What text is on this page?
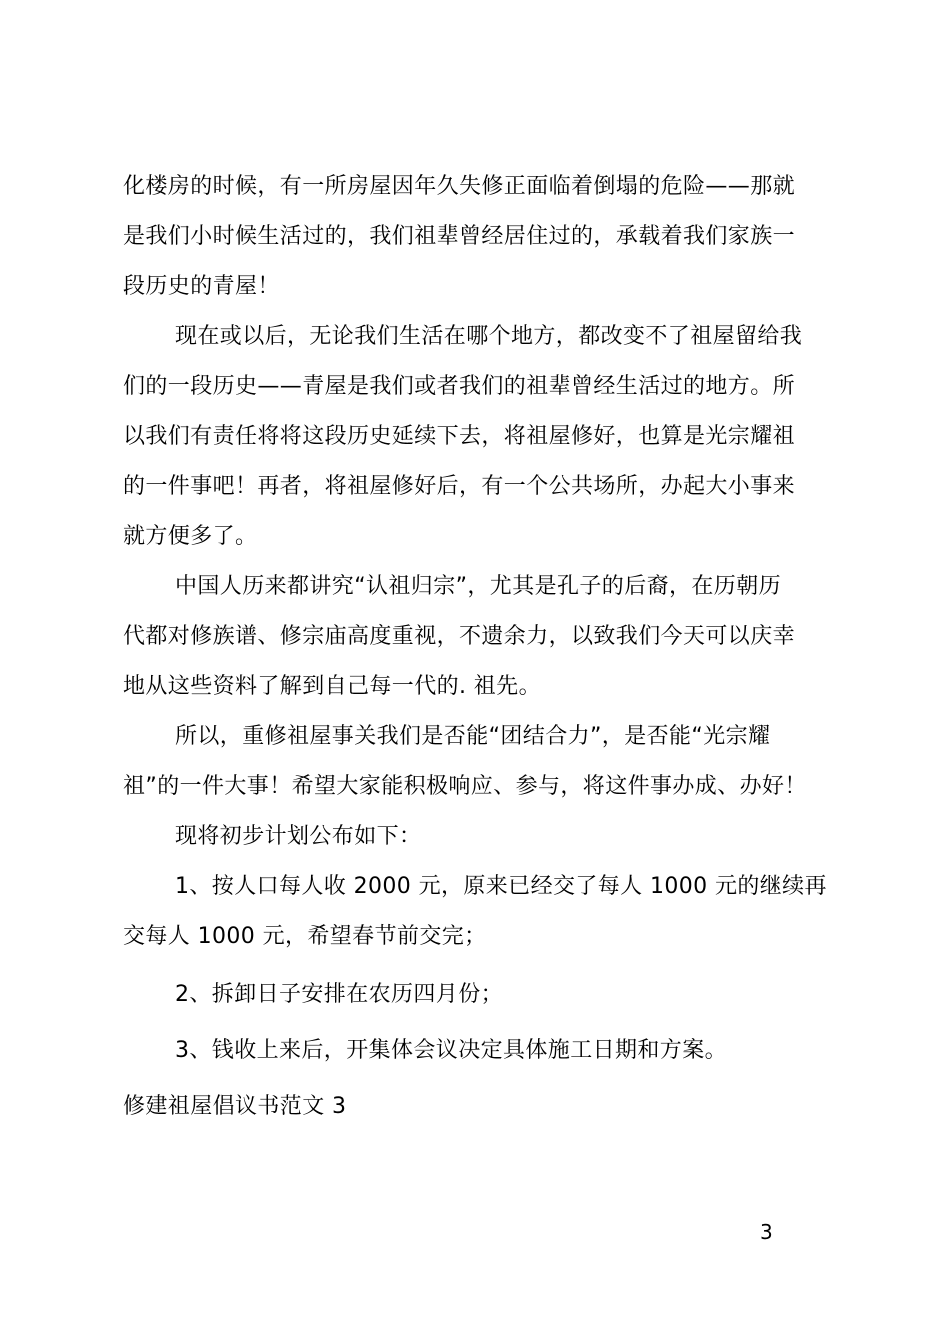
化楼房的时候，有一所房屋因年久失修正面临着倒塌的危险——那就
是我们小时候生活过的，我们祖辈曾经居住过的，承载着我们家族一
段历史的青屋！
现在或以后，无论我们生活在哪个地方，都改变不了祖屋留给我
们的一段历史——青屋是我们或者我们的祖辈曾经生活过的地方。所
以我们有责任将将这段历史延续下去，将祖屋修好，也算是光宗耀祖
的一件事吧！再者，将祖屋修好后，有一个公共场所，办起大小事来
就方便多了。
中国人历来都讲究“认祖归宗”，尤其是孔子的后裔，在历朝历
代都对修族谱、修宗庙高度重视，不遗余力，以致我们今天可以庆幸
地从这些资料了解到自己每一代的. 祖先。
所以，重修祖屋事关我们是否能“团结合力”，是否能“光宗耀
祖”的一件大事！希望大家能积极响应、参与，将这件事办成、办好！
现将初步计划公布如下：
1、按人口每人收 2000 元，原来已经交了每人 1000 元的继续再
交每人 1000 元，希望春节前交完；
2、拆卸日子安排在农历四月份；
3、钱收上来后，开集体会议决定具体施工日期和方案。
修建祖屋倡议书范文 3
3
